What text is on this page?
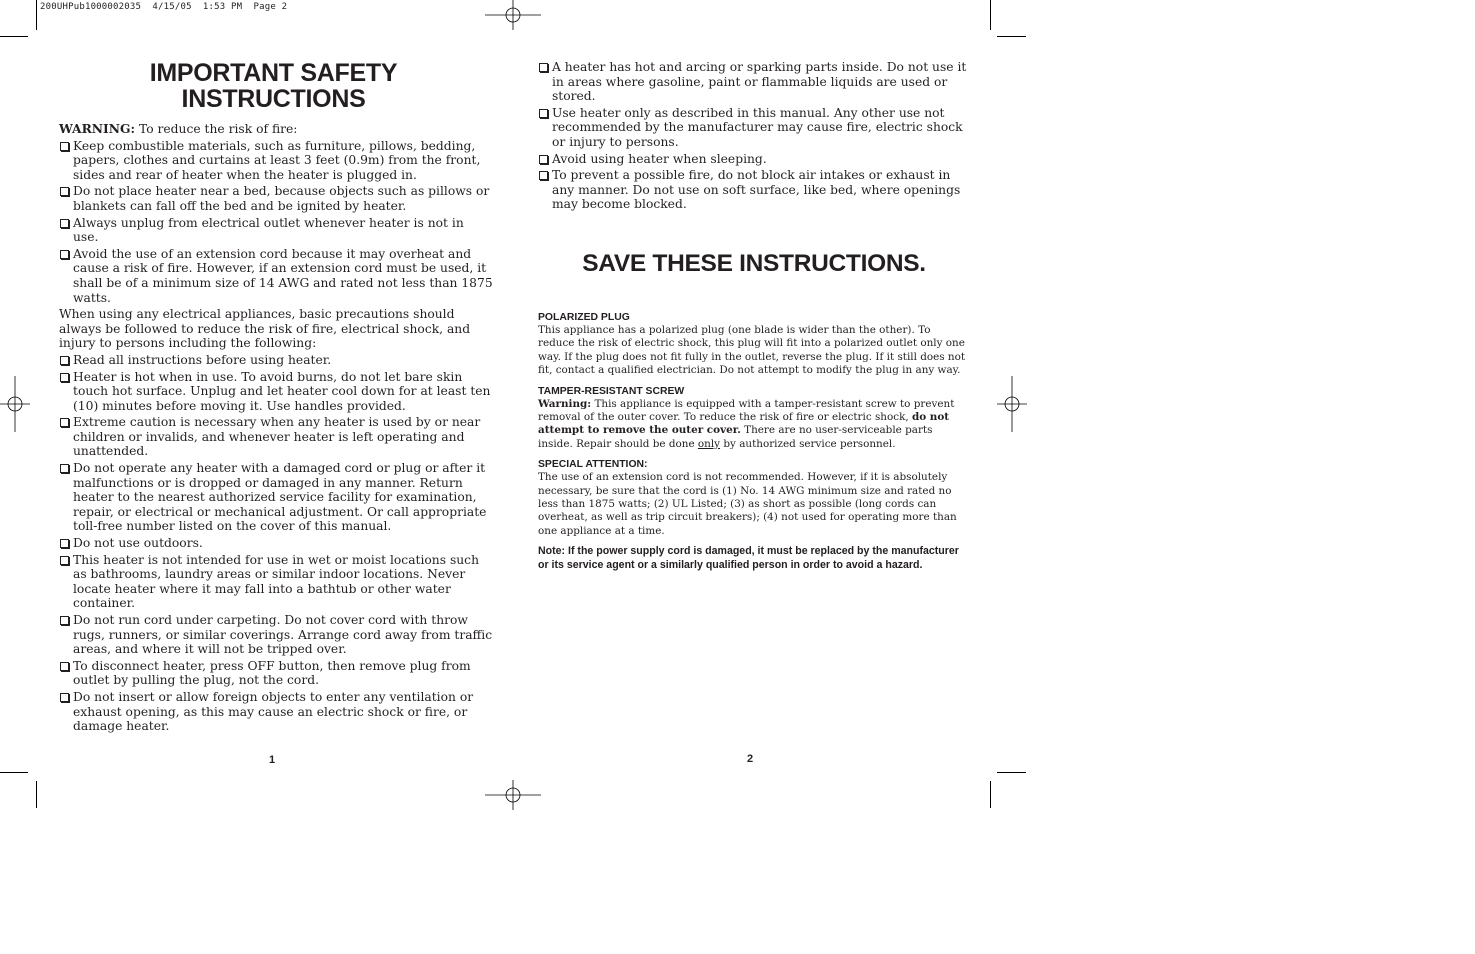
200UHPub1000002035  4/15/05  1:53 PM  Page 2
IMPORTANT SAFETY
INSTRUCTIONS

WARNING: To reduce the risk of fire:

Keep combustible materials, such as furniture, pillows, bedding, papers, clothes and curtains at least 3 feet (0.9m) from the front, sides and rear of heater when the heater is plugged in.
Do not place heater near a bed, because objects such as pillows or blankets can fall off the bed and be ignited by heater.
Always unplug from electrical outlet whenever heater is not in use.
Avoid the use of an extension cord because it may overheat and cause a risk of fire. However, if an extension cord must be used, it shall be of a minimum size of 14 AWG and rated not less than 1875 watts.

When using any electrical appliances, basic precautions should always be followed to reduce the risk of fire, electrical shock, and injury to persons including the following:

Read all instructions before using heater.
Heater is hot when in use. To avoid burns, do not let bare skin touch hot surface. Unplug and let heater cool down for at least ten (10) minutes before moving it. Use handles provided.
Extreme caution is necessary when any heater is used by or near children or invalids, and whenever heater is left operating and unattended.
Do not operate any heater with a damaged cord or plug or after it malfunctions or is dropped or damaged in any manner. Return heater to the nearest authorized service facility for examination, repair, or electrical or mechanical adjustment. Or call appropriate toll-free number listed on the cover of this manual.
Do not use outdoors.
This heater is not intended for use in wet or moist locations such as bathrooms, laundry areas or similar indoor locations. Never locate heater where it may fall into a bathtub or other water container.
Do not run cord under carpeting. Do not cover cord with throw rugs, runners, or similar coverings. Arrange cord away from traffic areas, and where it will not be tripped over.
To disconnect heater, press OFF button, then remove plug from outlet by pulling the plug, not the cord.
Do not insert or allow foreign objects to enter any ventilation or exhaust opening, as this may cause an electric shock or fire, or damage heater.
1
A heater has hot and arcing or sparking parts inside. Do not use it in areas where gasoline, paint or flammable liquids are used or stored.
Use heater only as described in this manual. Any other use not recommended by the manufacturer may cause fire, electric shock or injury to persons.
Avoid using heater when sleeping.
To prevent a possible fire, do not block air intakes or exhaust in any manner. Do not use on soft surface, like bed, where openings may become blocked.
SAVE THESE INSTRUCTIONS.
POLARIZED PLUG

This appliance has a polarized plug (one blade is wider than the other). To reduce the risk of electric shock, this plug will fit into a polarized outlet only one way. If the plug does not fit fully in the outlet, reverse the plug. If it still does not fit, contact a qualified electrician. Do not attempt to modify the plug in any way.

TAMPER-RESISTANT SCREW

Warning: This appliance is equipped with a tamper-resistant screw to prevent removal of the outer cover. To reduce the risk of fire or electric shock, do not attempt to remove the outer cover. There are no user-serviceable parts inside. Repair should be done only by authorized service personnel.

SPECIAL ATTENTION:

The use of an extension cord is not recommended. However, if it is absolutely necessary, be sure that the cord is (1) No. 14 AWG minimum size and rated no less than 1875 watts; (2) UL Listed; (3) as short as possible (long cords can overheat, as well as trip circuit breakers); (4) not used for operating more than one appliance at a time.

Note: If the power supply cord is damaged, it must be replaced by the manufacturer or its service agent or a similarly qualified person in order to avoid a hazard.

2
